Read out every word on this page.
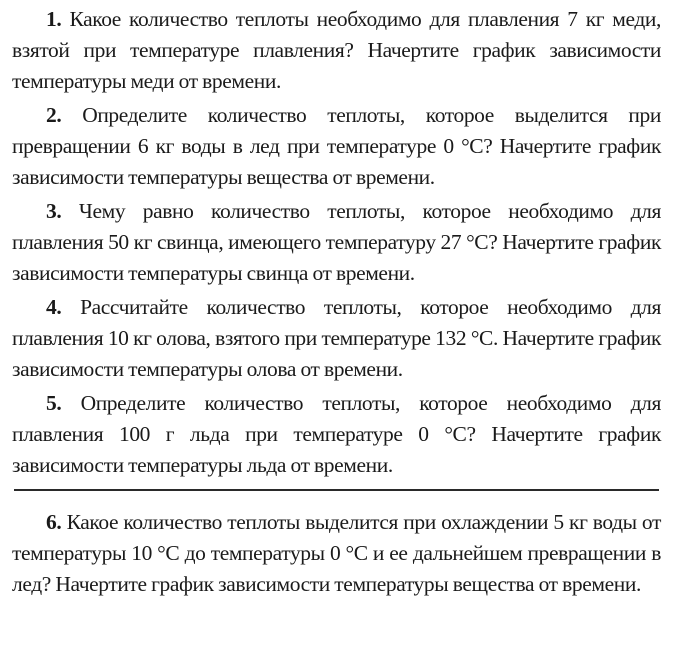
1. Какое количество теплоты необходимо для плавления 7 кг меди, взятой при температуре плавления? Начертите график зависимости температуры меди от времени.

2. Определите количество теплоты, которое выделится при превращении 6 кг воды в лед при температуре 0 °С? Начертите график зависимости температуры вещества от времени.

3. Чему равно количество теплоты, которое необходимо для плавления 50 кг свинца, имеющего температуру 27 °С? Начертите график зависимости температуры свинца от времени.

4. Рассчитайте количество теплоты, которое необходимо для плавления 10 кг олова, взятого при температуре 132 °С. Начертите график зависимости температуры олова от времени.

5. Определите количество теплоты, которое необходимо для плавления 100 г льда при температуре 0 °С? Начертите график зависимости температуры льда от времени.

6. Какое количество теплоты выделится при охлаждении 5 кг воды от температуры 10 °С до температуры 0 °С и ее дальнейшем превращении в лед? Начертите график зависимости температуры вещества от времени.
